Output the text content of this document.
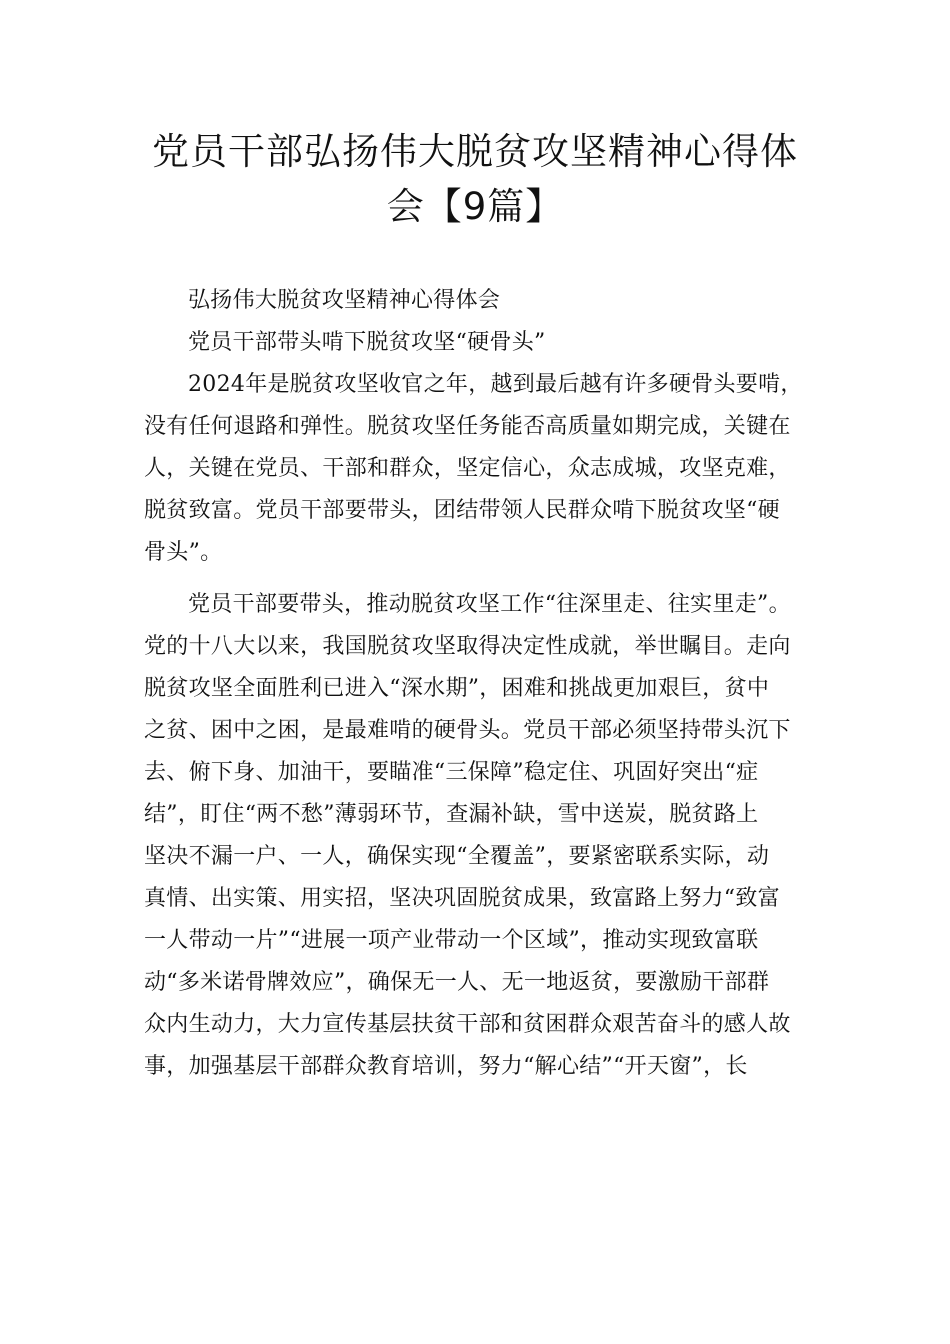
党员干部弘扬伟大脱贫攻坚精神心得体
会【9篇】
弘扬伟大脱贫攻坚精神心得体会
党员干部带头啃下脱贫攻坚“硬骨头”
2024年是脱贫攻坚收官之年，越到最后越有许多硬骨头要啃，
没有任何退路和弹性。脱贫攻坚任务能否高质量如期完成，关键在
人，关键在党员、干部和群众，坚定信心，众志成城，攻坚克难，
脱贫致富。党员干部要带头，团结带领人民群众啃下脱贫攻坚“硬
骨头”。
党员干部要带头，推动脱贫攻坚工作“往深里走、往实里走”。
党的十八大以来，我国脱贫攻坚取得决定性成就，举世瞩目。走向
脱贫攻坚全面胜利已进入“深水期”，困难和挑战更加艰巨，贫中
之贫、困中之困，是最难啃的硬骨头。党员干部必须坚持带头沉下
去、俯下身、加油干，要瞄准“三保障”稳定住、巩固好突出“症
结”，盯住“两不愁”薄弱环节，查漏补缺，雪中送炭，脱贫路上
坚决不漏一户、一人，确保实现“全覆盖”，要紧密联系实际，动
真情、出实策、用实招，坚决巩固脱贫成果，致富路上努力“致富
一人带动一片”“进展一项产业带动一个区域”，推动实现致富联
动“多米诺骨牌效应”，确保无一人、无一地返贫，要激励干部群
众内生动力，大力宣传基层扶贫干部和贫困群众艰苦奋斗的感人故
事，加强基层干部群众教育培训，努力“解心结”“开天窗”，长
